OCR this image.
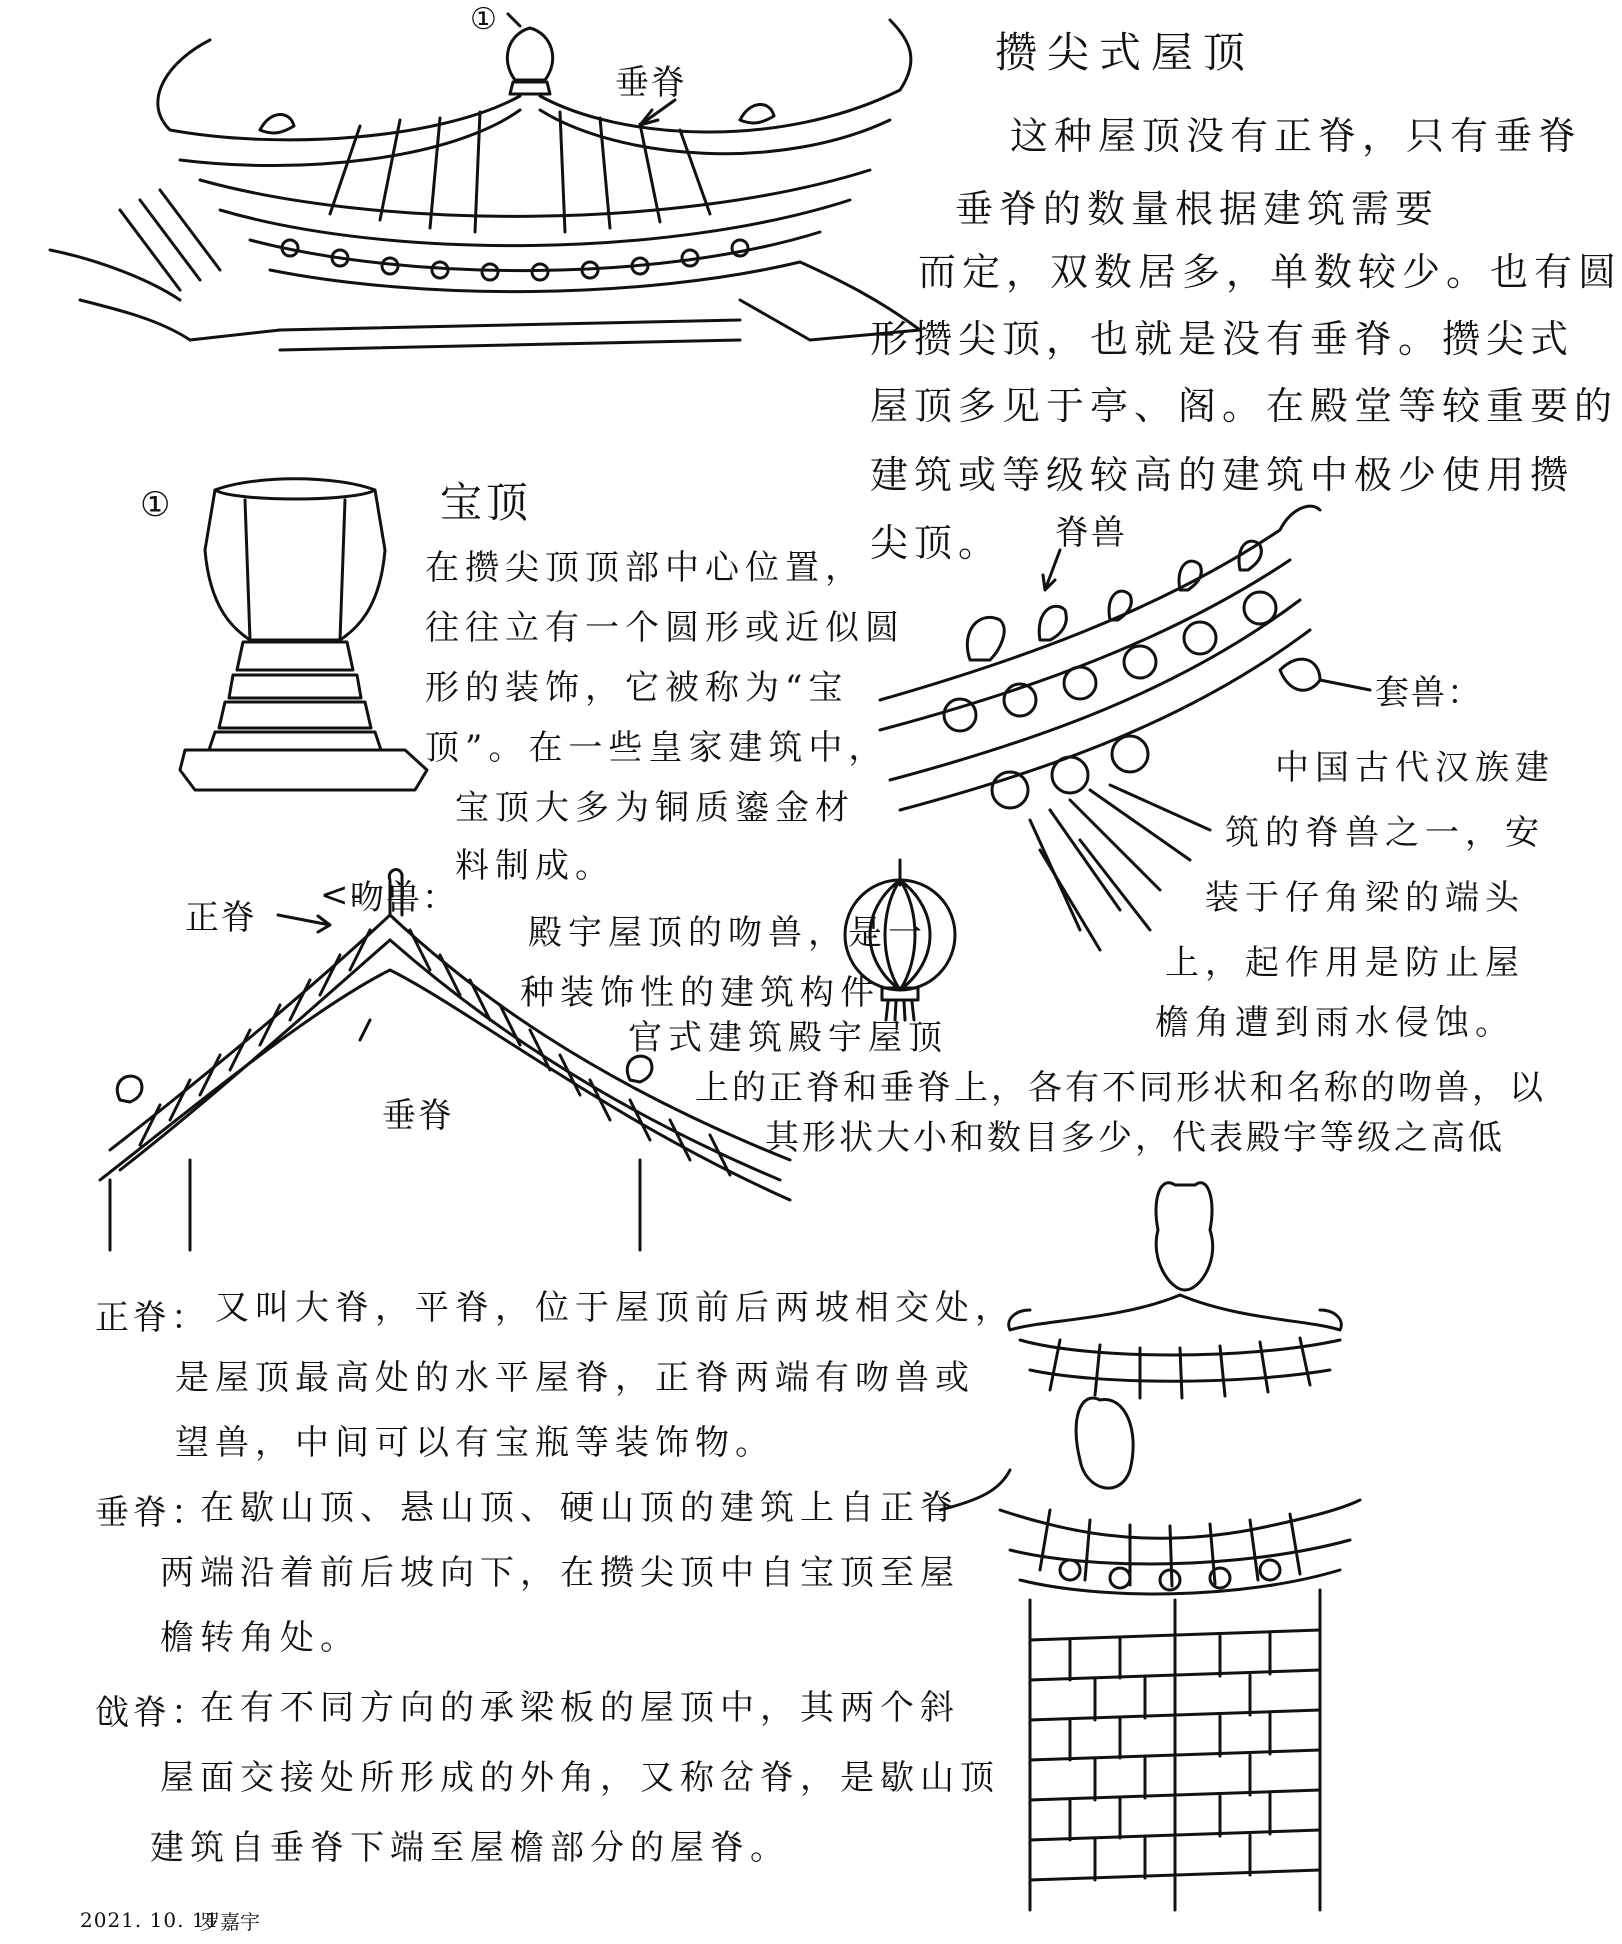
①
垂脊
攒尖式屋顶
这种屋顶没有正脊，只有垂脊
垂脊的数量根据建筑需要
而定，双数居多，单数较少。也有圆
形攒尖顶，也就是没有垂脊。攒尖式
屋顶多见于亭、阁。在殿堂等较重要的
建筑或等级较高的建筑中极少使用攒
尖顶。
①	宝顶
在攒尖顶顶部中心位置，
往往立有一个圆形或近似圆
形的装饰，它被称为“宝
顶”。在一些皇家建筑中，
宝顶大多为铜质鎏金材
料制成。
脊兽
套兽：
中国古代汉族建
筑的脊兽之一，安
装于仔角梁的端头
上，起作用是防止屋
檐角遭到雨水侵蚀。
<-
吻兽：
正脊
垂脊
殿宇屋顶的吻兽，是一
种装饰性的建筑构件
官式建筑殿宇屋顶
上的正脊和垂脊上，各有不同形状和名称的吻兽，以
其形状大小和数目多少，代表殿宇等级之高低
正脊： 又叫大脊，平脊，位于屋顶前后两坡相交处，
是屋顶最高处的水平屋脊，正脊两端有吻兽或
望兽，中间可以有宝瓶等装饰物。
垂脊：
在歇山顶、悬山顶、硬山顶的建筑上自正脊
两端沿着前后坡向下，在攒尖顶中自宝顶至屋
檐转角处。
戗脊：
在有不同方向的承梁板的屋顶中，其两个斜
屋面交接处所形成的外角，又称岔脊，是歇山顶
建筑自垂脊下端至屋檐部分的屋脊。
2021. 10. 11
罗嘉宇
